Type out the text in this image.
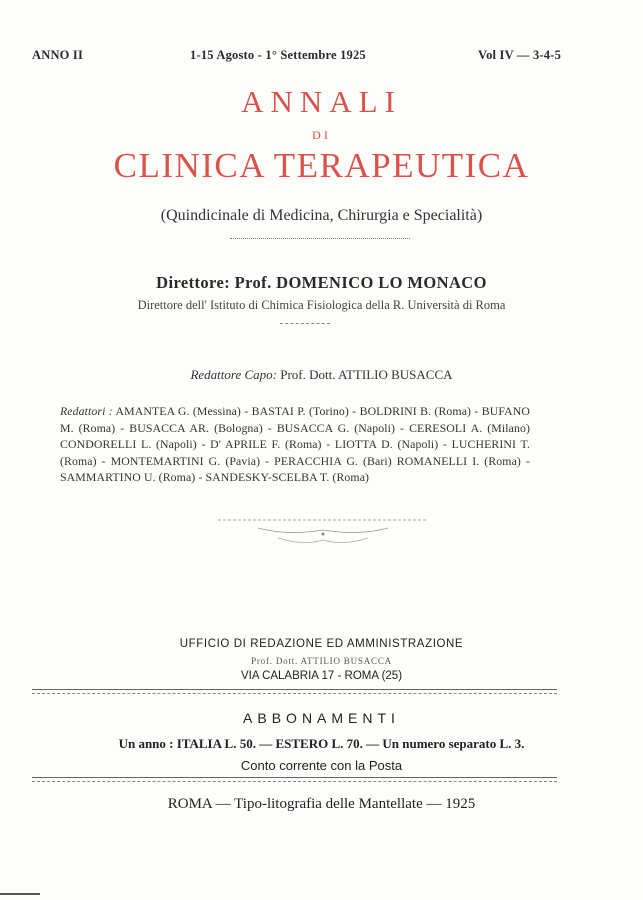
ANNO II	1-15 Agosto - 1° Settembre 1925	Vol IV — 3-4-5
ANNALI
DI
CLINICA TERAPEUTICA
(Quindicinale di Medicina, Chirurgia e Specialità)
Direttore: Prof. DOMENICO LO MONACO
Direttore dell' Istituto di Chimica Fisiologica della R. Università di Roma
Redattore Capo: Prof. Dott. ATTILIO BUSACCA
Redattori : AMANTEA G. (Messina) - BASTAI P. (Torino) - BOLDRINI B. (Roma) - BUFANO M. (Roma) - BUSACCA AR. (Bologna) - BUSACCA G. (Napoli) - CERESOLI A. (Milano) CONDORELLI L. (Napoli) - D' APRILE F. (Roma) - LIOTTA D. (Napoli) - LUCHERINI T. (Roma) - MONTEMARTINI G. (Pavia) - PERACCHIA G. (Bari) ROMANELLI I. (Roma) - SAMMARTINO U. (Roma) - SANDESKY-SCELBA T. (Roma)
UFFICIO DI REDAZIONE ED AMMINISTRAZIONE
Prof. Dott. ATTILIO BUSACCA
VIA CALABRIA 17 - ROMA (25)
ABBONAMENTI
Un anno : ITALIA L. 50. — ESTERO L. 70. — Un numero separato L. 3.
Conto corrente con la Posta
ROMA — Tipo-litografia delle Mantellate — 1925
